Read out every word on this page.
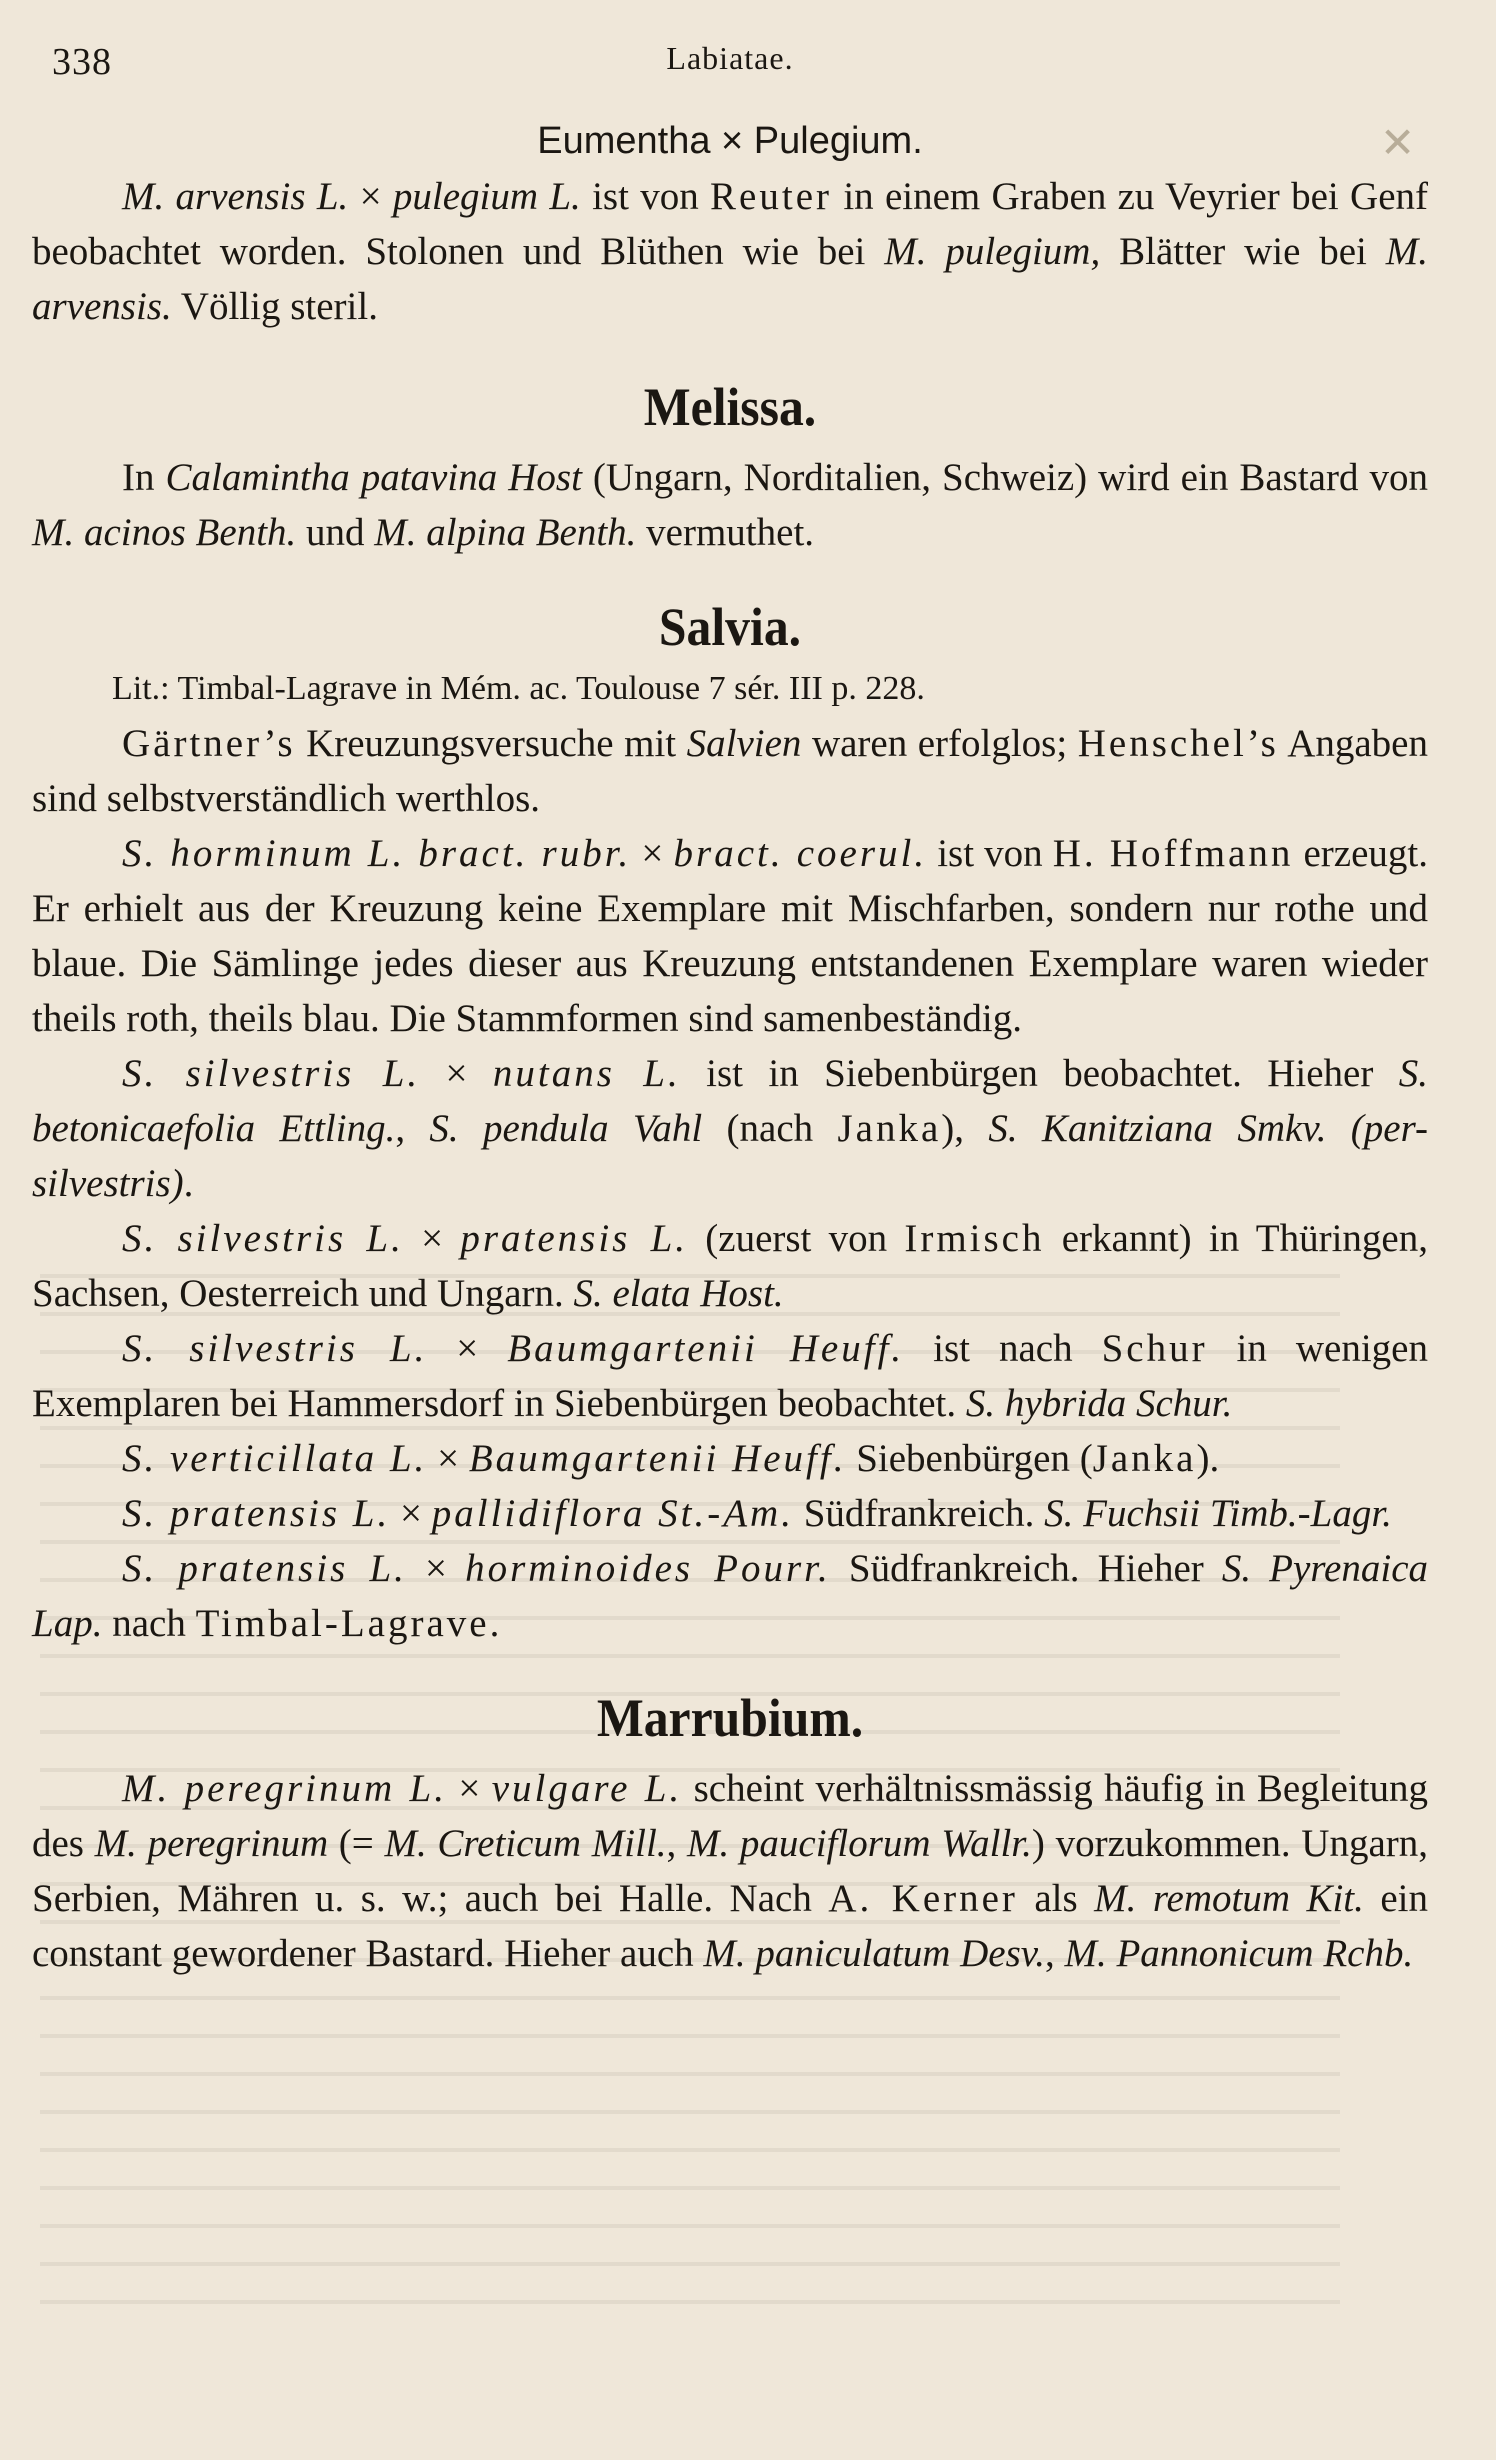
✕
338	Labiatae.
Eumentha × Pulegium.

M. arvensis L. × pulegium L. ist von Reuter in einem Graben zu Veyrier bei Genf beobachtet worden. Stolonen und Blüthen wie bei M. pulegium, Blätter wie bei M. arvensis. Völlig steril.

Melissa.

In Calamintha patavina Host (Ungarn, Norditalien, Schweiz) wird ein Bastard von M. acinos Benth. und M. alpina Benth. vermuthet.

Salvia.
Lit.: Timbal-Lagrave in Mém. ac. Toulouse 7 sér. III p. 228.

Gärtner’s Kreuzungsversuche mit Salvien waren erfolglos; Henschel’s Angaben sind selbstverständlich werthlos.

S. horminum L. bract. rubr. × bract. coerul. ist von H. Hoffmann erzeugt. Er erhielt aus der Kreuzung keine Exemplare mit Mischfarben, sondern nur rothe und blaue. Die Sämlinge jedes dieser aus Kreuzung entstandenen Exemplare waren wieder theils roth, theils blau. Die Stammformen sind samenbeständig.

S. silvestris L. × nutans L. ist in Siebenbürgen beobachtet. Hieher S. betonicaefolia Ettling., S. pendula Vahl (nach Janka), S. Kanitziana Smkv. (per-silvestris).

S. silvestris L. × pratensis L. (zuerst von Irmisch erkannt) in Thüringen, Sachsen, Oesterreich und Ungarn. S. elata Host.

S. silvestris L. × Baumgartenii Heuff. ist nach Schur in wenigen Exemplaren bei Hammersdorf in Siebenbürgen beobachtet. S. hybrida Schur.

S. verticillata L. × Baumgartenii Heuff. Siebenbürgen (Janka).

S. pratensis L. × pallidiflora St.-Am. Südfrankreich. S. Fuchsii Timb.-Lagr.

S. pratensis L. × horminoides Pourr. Südfrankreich. Hieher S. Pyrenaica Lap. nach Timbal-Lagrave.

Marrubium.

M. peregrinum L. × vulgare L. scheint verhältnissmässig häufig in Begleitung des M. peregrinum (= M. Creticum Mill., M. pauciflorum Wallr.) vorzukommen. Ungarn, Serbien, Mähren u. s. w.; auch bei Halle. Nach A. Kerner als M. remotum Kit. ein constant gewordener Bastard. Hieher auch M. paniculatum Desv., M. Pannonicum Rchb.
